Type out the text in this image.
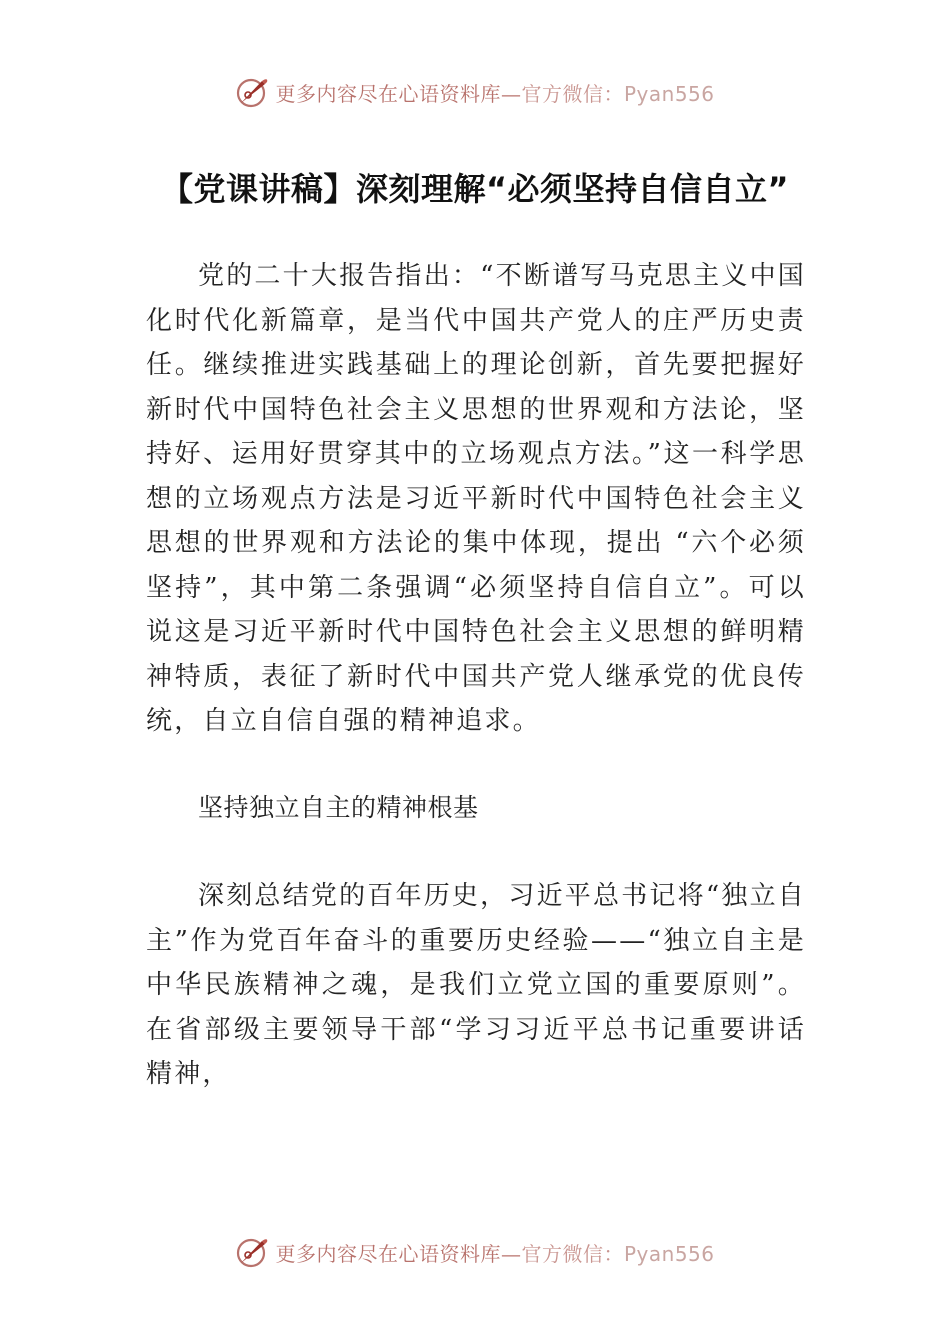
更多内容尽在心语资料库—官方微信：Pyan556
【党课讲稿】深刻理解“必须坚持自信自立”

党的二十大报告指出：“不断谱写马克思主义中国化时代化新篇章，是当代中国共产党人的庄严历史责任。继续推进实践基础上的理论创新，首先要把握好新时代中国特色社会主义思想的世界观和方法论，坚持好、运用好贯穿其中的立场观点方法。”这一科学思想的立场观点方法是习近平新时代中国特色社会主义思想的世界观和方法论的集中体现，提出 “六个必须坚持”，其中第二条强调“必须坚持自信自立”。可以说这是习近平新时代中国特色社会主义思想的鲜明精神特质，表征了新时代中国共产党人继承党的优良传统，自立自信自强的精神追求。

坚持独立自主的精神根基

深刻总结党的百年历史，习近平总书记将“独立自主”作为党百年奋斗的重要历史经验——“独立自主是中华民族精神之魂，是我们立党立国的重要原则”。在省部级主要领导干部“学习习近平总书记重要讲话精神，

更多内容尽在心语资料库—官方微信：Pyan556
